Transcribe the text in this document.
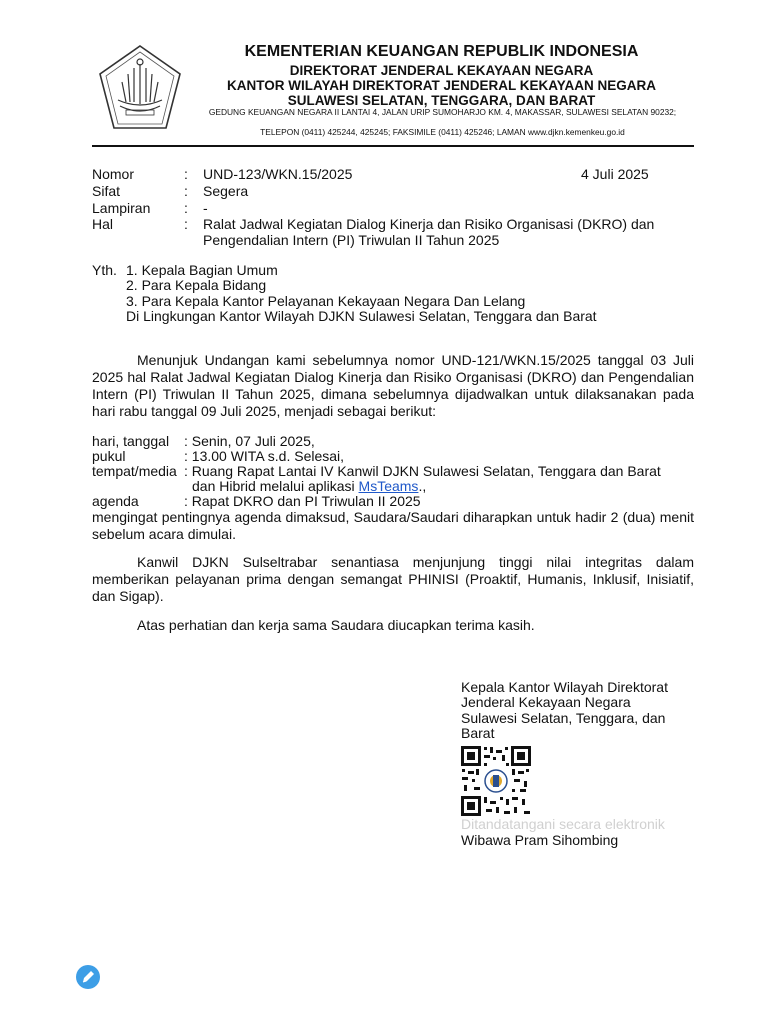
KEMENTERIAN KEUANGAN REPUBLIK INDONESIA
DIREKTORAT JENDERAL KEKAYAAN NEGARA
KANTOR WILAYAH DIREKTORAT JENDERAL KEKAYAAN NEGARA
SULAWESI SELATAN, TENGGARA, DAN BARAT
GEDUNG KEUANGAN NEGARA II LANTAI 4, JALAN URIP SUMOHARJO KM. 4, MAKASSAR, SULAWESI SELATAN 90232;
TELEPON (0411) 425244, 425245; FAKSIMILE (0411) 425246; LAMAN www.djkn.kemenkeu.go.id
Nomor	: UND-123/WKN.15/2025	4 Juli 2025
Sifat	: Segera
Lampiran : -
Hal	: Ralat Jadwal Kegiatan Dialog Kinerja dan Risiko Organisasi (DKRO) dan
Pengendalian Intern (PI) Triwulan II Tahun 2025
Yth. 1. Kepala Bagian Umum
2. Para Kepala Bidang
3. Para Kepala Kantor Pelayanan Kekayaan Negara Dan Lelang
Di Lingkungan Kantor Wilayah DJKN Sulawesi Selatan, Tenggara dan Barat
Menunjuk Undangan kami sebelumnya nomor UND-121/WKN.15/2025 tanggal 03 Juli 2025 hal Ralat Jadwal Kegiatan Dialog Kinerja dan Risiko Organisasi (DKRO) dan Pengendalian Intern (PI) Triwulan II Tahun 2025, dimana sebelumnya dijadwalkan untuk dilaksanakan pada hari rabu tanggal 09 Juli 2025, menjadi sebagai berikut:
hari, tanggal : Senin, 07 Juli 2025,
pukul	: 13.00 WITA s.d. Selesai,
tempat/media : Ruang Rapat Lantai IV Kanwil DJKN Sulawesi Selatan, Tenggara dan Barat
dan Hibrid melalui aplikasi MsTeams.,
agenda	: Rapat DKRO dan PI Triwulan II 2025
mengingat pentingnya agenda dimaksud, Saudara/Saudari diharapkan untuk hadir 2 (dua) menit sebelum acara dimulai.
Kanwil DJKN Sulseltrabar senantiasa menjunjung tinggi nilai integritas dalam memberikan pelayanan prima dengan semangat PHINISI (Proaktif, Humanis, Inklusif, Inisiatif, dan Sigap).
Atas perhatian dan kerja sama Saudara diucapkan terima kasih.
Kepala Kantor Wilayah Direktorat
Jenderal Kekayaan Negara
Sulawesi Selatan, Tenggara, dan
Barat
Ditandatangani secara elektronik
Wibawa Pram Sihombing
